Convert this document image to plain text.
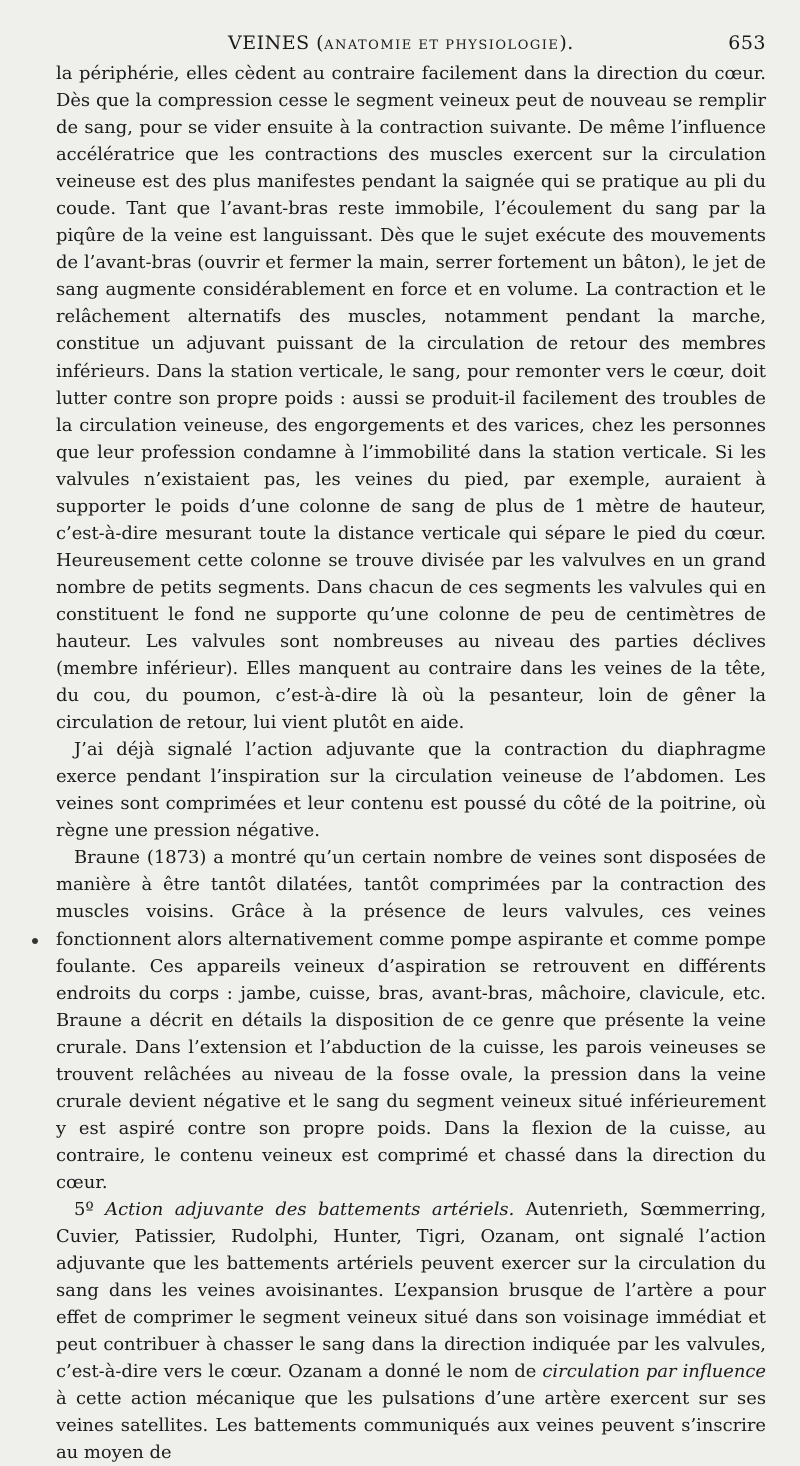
VEINES (ANATOMIE ET PHYSIOLOGIE).	653

la périphérie, elles cèdent au contraire facilement dans la direction du cœur. Dès que la compression cesse le segment veineux peut de nouveau se remplir de sang, pour se vider ensuite à la contraction suivante. De même l’influence accélératrice que les contractions des muscles exercent sur la circulation veineuse est des plus manifestes pendant la saignée qui se pratique au pli du coude. Tant que l’avant-bras reste immobile, l’écoulement du sang par la piqûre de la veine est languissant. Dès que le sujet exécute des mouvements de l’avant-bras (ouvrir et fermer la main, serrer fortement un bâton), le jet de sang augmente considérablement en force et en volume. La contraction et le relâchement alternatifs des muscles, notamment pendant la marche, constitue un adjuvant puissant de la circulation de retour des membres inférieurs. Dans la station verticale, le sang, pour remonter vers le cœur, doit lutter contre son propre poids : aussi se produit-il facilement des troubles de la circulation veineuse, des engorgements et des varices, chez les personnes que leur profession condamne à l’immobilité dans la station verticale. Si les valvules n’existaient pas, les veines du pied, par exemple, auraient à supporter le poids d’une colonne de sang de plus de 1 mètre de hauteur, c’est-à-dire mesurant toute la distance verticale qui sépare le pied du cœur. Heureusement cette colonne se trouve divisée par les valvulves en un grand nombre de petits segments. Dans chacun de ces segments les valvules qui en constituent le fond ne supporte qu’une colonne de peu de centimètres de hauteur. Les valvules sont nombreuses au niveau des parties déclives (membre inférieur). Elles manquent au contraire dans les veines de la tête, du cou, du poumon, c’est-à-dire là où la pesanteur, loin de gêner la circulation de retour, lui vient plutôt en aide.

J’ai déjà signalé l’action adjuvante que la contraction du diaphragme exerce pendant l’inspiration sur la circulation veineuse de l’abdomen. Les veines sont comprimées et leur contenu est poussé du côté de la poitrine, où règne une pression négative.

Braune (1873) a montré qu’un certain nombre de veines sont disposées de manière à être tantôt dilatées, tantôt comprimées par la contraction des muscles voisins. Grâce à la présence de leurs valvules, ces veines fonctionnent alors alternativement comme pompe aspirante et comme pompe foulante. Ces appareils veineux d’aspiration se retrouvent en différents endroits du corps : jambe, cuisse, bras, avant-bras, mâchoire, clavicule, etc. Braune a décrit en détails la disposition de ce genre que présente la veine crurale. Dans l’extension et l’abduction de la cuisse, les parois veineuses se trouvent relâchées au niveau de la fosse ovale, la pression dans la veine crurale devient négative et le sang du segment veineux situé inférieurement y est aspiré contre son propre poids. Dans la flexion de la cuisse, au contraire, le contenu veineux est comprimé et chassé dans la direction du cœur.

5º Action adjuvante des battements artériels. Autenrieth, Sœmmerring, Cuvier, Patissier, Rudolphi, Hunter, Tigri, Ozanam, ont signalé l’action adjuvante que les battements artériels peuvent exercer sur la circulation du sang dans les veines avoisinantes. L’expansion brusque de l’artère a pour effet de comprimer le segment veineux situé dans son voisinage immédiat et peut contribuer à chasser le sang dans la direction indiquée par les valvules, c’est-à-dire vers le cœur. Ozanam a donné le nom de circulation par influence à cette action mécanique que les pulsations d’une artère exercent sur ses veines satellites. Les battements communiqués aux veines peuvent s’inscrire au moyen de
